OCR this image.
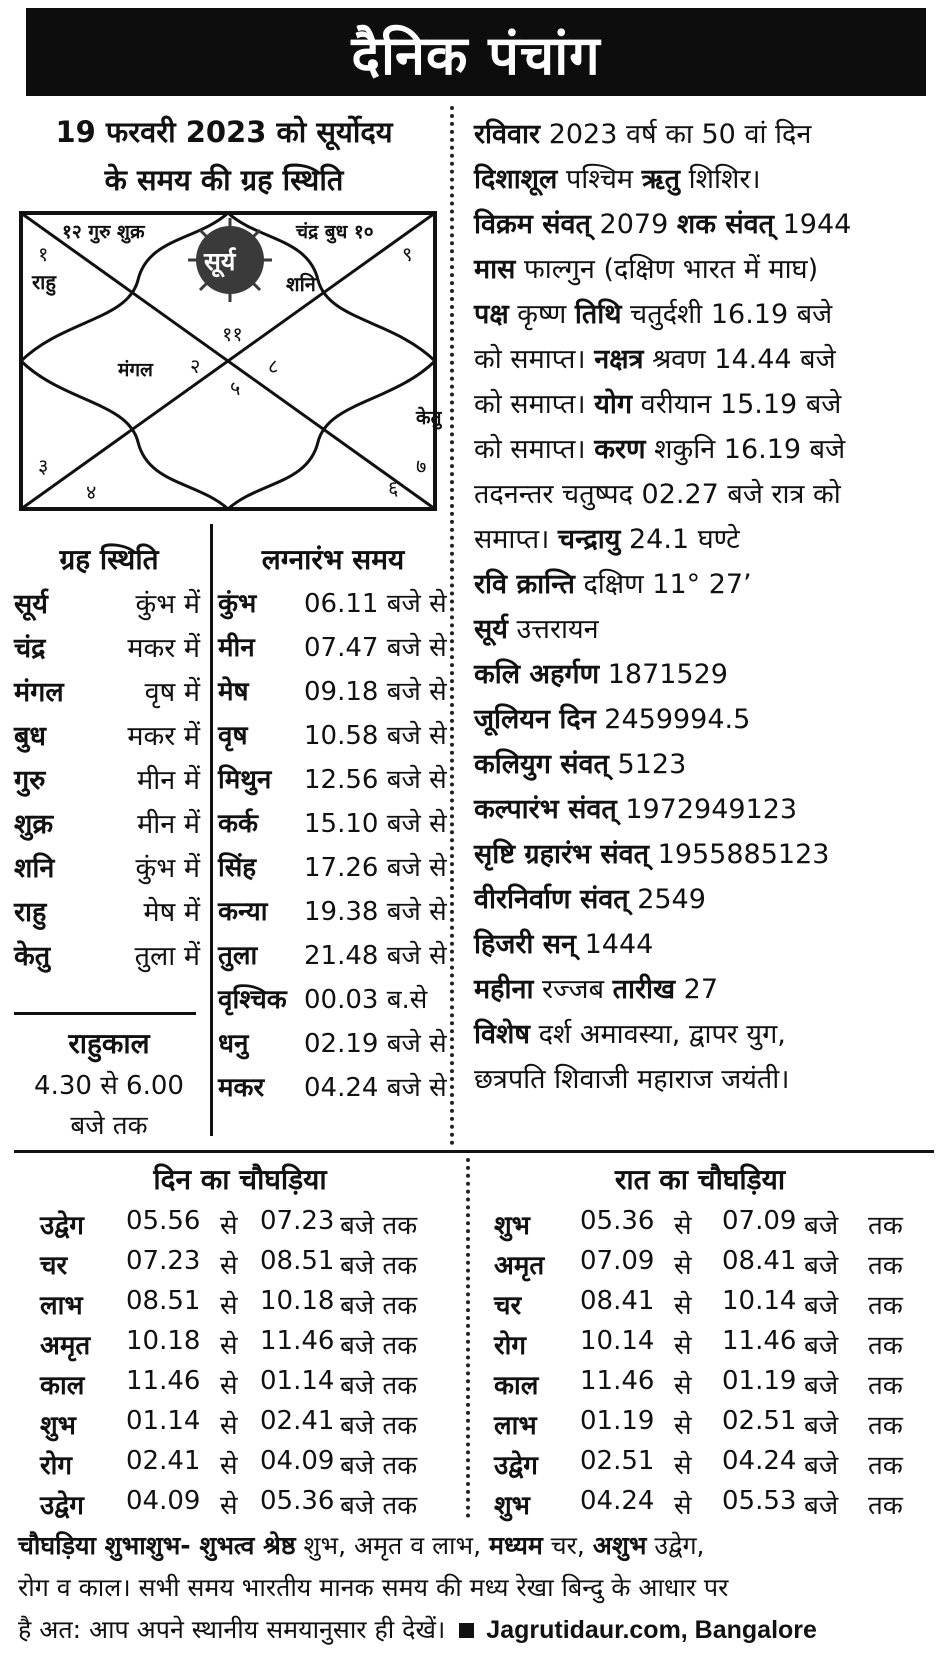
दैनिक पंचांग
19 फरवरी 2023 को सूर्योदय
के समय की ग्रह स्थिति
१२ गुरु शुक्र	चंद्र बुध १०
१
राहु
९
सूर्य
शनि
११
मंगल २	८
५
केतु
३
४	६
७
रविवार 2023 वर्ष का 50 वां दिन
दिशाशूल पश्चिम ऋतु शिशिर।
विक्रम संवत् 2079 शक संवत् 1944
मास फाल्गुन (दक्षिण भारत में माघ)
पक्ष कृष्ण तिथि चतुर्दशी 16.19 बजे
को समाप्त। नक्षत्र श्रवण 14.44 बजे
को समाप्त। योग वरीयान 15.19 बजे
को समाप्त। करण शकुनि 16.19 बजे
तदनन्तर चतुष्पद 02.27 बजे रात्र को
समाप्त। चन्द्रायु 24.1 घण्टे
रवि क्रान्ति दक्षिण 11° 27’
सूर्य उत्तरायन
कलि अहर्गण 1871529
जूलियन दिन 2459994.5
कलियुग संवत् 5123
कल्पारंभ संवत् 1972949123
सृष्टि ग्रहारंभ संवत् 1955885123
वीरनिर्वाण संवत् 2549
हिजरी सन् 1444
महीना रज्जब तारीख 27
विशेष दर्श अमावस्या, द्वापर युग,
छत्रपति शिवाजी महाराज जयंती।
ग्रह स्थिति
सूर्य	कुंभ में
चंद्र	मकर में
मंगल	वृष में
बुध	मकर में
गुरु	मीन में
शुक्र	मीन में
शनि	कुंभ में
राहु	मेष में
केतु	तुला में
राहुकाल
4.30 से 6.00
बजे तक
लग्नारंभ समय
कुंभ 06.11 बजे से
मीन 07.47 बजे से
मेष 09.18 बजे से
वृष 10.58 बजे से
मिथुन 12.56 बजे से
कर्क 15.10 बजे से
सिंह 17.26 बजे से
कन्या 19.38 बजे से
तुला 21.48 बजे से
वृश्चिक 00.03 ब.से
धनु 02.19 बजे से
मकर 04.24 बजे से
दिन का चौघड़िया
उद्वेग 05.56 से 07.23 बजे तक
चर 07.23 से 08.51 बजे तक
लाभ 08.51 से 10.18 बजे तक
अमृत 10.18 से 11.46 बजे तक
काल 11.46 से 01.14 बजे तक
शुभ 01.14 से 02.41 बजे तक
रोग 02.41 से 04.09 बजे तक
उद्वेग 04.09 से 05.36 बजे तक
रात का चौघड़िया
शुभ 05.36 से 07.09 बजे तक
अमृत 07.09 से 08.41 बजे तक
चर 08.41 से 10.14 बजे तक
रोग 10.14 से 11.46 बजे तक
काल 11.46 से 01.19 बजे तक
लाभ 01.19 से 02.51 बजे तक
उद्वेग 02.51 से 04.24 बजे तक
शुभ 04.24 से 05.53 बजे तक
चौघड़िया शुभाशुभ- शुभत्व श्रेष्ठ शुभ, अमृत व लाभ, मध्यम चर, अशुभ उद्वेग,
रोग व काल। सभी समय भारतीय मानक समय की मध्य रेखा बिन्दु के आधार पर
है अत: आप अपने स्थानीय समयानुसार ही देखें। Jagrutidaur.com, Bangalore
